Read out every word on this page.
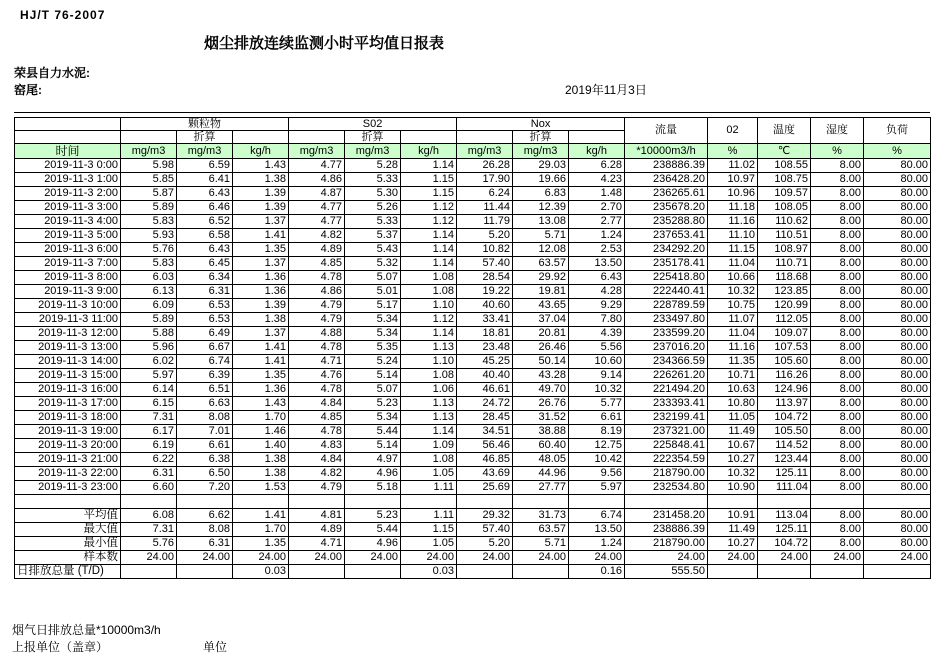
HJ/T 76-2007
烟尘排放连续监测小时平均值日报表
荣县自力水泥:
窑尾:	2019年11月3日
	颗粒物			S02			Nox			流量	02	温度	湿度	负荷
		折算			折算			折算						
时间	mg/m3	mg/m3	kg/h	mg/m3	mg/m3	kg/h	mg/m3	mg/m3	kg/h	*10000m3/h	%	℃	%	%
2019-11-3 0:00	5.98	6.59	1.43	4.77	5.28	1.14	26.28	29.03	6.28	238886.39	11.02	108.55	8.00	80.00
2019-11-3 1:00	5.85	6.41	1.38	4.86	5.33	1.15	17.90	19.66	4.23	236428.20	10.97	108.75	8.00	80.00
2019-11-3 2:00	5.87	6.43	1.39	4.87	5.30	1.15	6.24	6.83	1.48	236265.61	10.96	109.57	8.00	80.00
2019-11-3 3:00	5.89	6.46	1.39	4.77	5.26	1.12	11.44	12.39	2.70	235678.20	11.18	108.05	8.00	80.00
2019-11-3 4:00	5.83	6.52	1.37	4.77	5.33	1.12	11.79	13.08	2.77	235288.80	11.16	110.62	8.00	80.00
2019-11-3 5:00	5.93	6.58	1.41	4.82	5.37	1.14	5.20	5.71	1.24	237653.41	11.10	110.51	8.00	80.00
2019-11-3 6:00	5.76	6.43	1.35	4.89	5.43	1.14	10.82	12.08	2.53	234292.20	11.15	108.97	8.00	80.00
2019-11-3 7:00	5.83	6.45	1.37	4.85	5.32	1.14	57.40	63.57	13.50	235178.41	11.04	110.71	8.00	80.00
2019-11-3 8:00	6.03	6.34	1.36	4.78	5.07	1.08	28.54	29.92	6.43	225418.80	10.66	118.68	8.00	80.00
2019-11-3 9:00	6.13	6.31	1.36	4.86	5.01	1.08	19.22	19.81	4.28	222440.41	10.32	123.85	8.00	80.00
2019-11-3 10:00	6.09	6.53	1.39	4.79	5.17	1.10	40.60	43.65	9.29	228789.59	10.75	120.99	8.00	80.00
2019-11-3 11:00	5.89	6.53	1.38	4.79	5.34	1.12	33.41	37.04	7.80	233497.80	11.07	112.05	8.00	80.00
2019-11-3 12:00	5.88	6.49	1.37	4.88	5.34	1.14	18.81	20.81	4.39	233599.20	11.04	109.07	8.00	80.00
2019-11-3 13:00	5.96	6.67	1.41	4.78	5.35	1.13	23.48	26.46	5.56	237016.20	11.16	107.53	8.00	80.00
2019-11-3 14:00	6.02	6.74	1.41	4.71	5.24	1.10	45.25	50.14	10.60	234366.59	11.35	105.60	8.00	80.00
2019-11-3 15:00	5.97	6.39	1.35	4.76	5.14	1.08	40.40	43.28	9.14	226261.20	10.71	116.26	8.00	80.00
2019-11-3 16:00	6.14	6.51	1.36	4.78	5.07	1.06	46.61	49.70	10.32	221494.20	10.63	124.96	8.00	80.00
2019-11-3 17:00	6.15	6.63	1.43	4.84	5.23	1.13	24.72	26.76	5.77	233393.41	10.80	113.97	8.00	80.00
2019-11-3 18:00	7.31	8.08	1.70	4.85	5.34	1.13	28.45	31.52	6.61	232199.41	11.05	104.72	8.00	80.00
2019-11-3 19:00	6.17	7.01	1.46	4.78	5.44	1.14	34.51	38.88	8.19	237321.00	11.49	105.50	8.00	80.00
2019-11-3 20:00	6.19	6.61	1.40	4.83	5.14	1.09	56.46	60.40	12.75	225848.41	10.67	114.52	8.00	80.00
2019-11-3 21:00	6.22	6.38	1.38	4.84	4.97	1.08	46.85	48.05	10.42	222354.59	10.27	123.44	8.00	80.00
2019-11-3 22:00	6.31	6.50	1.38	4.82	4.96	1.05	43.69	44.96	9.56	218790.00	10.32	125.11	8.00	80.00
2019-11-3 23:00	6.60	7.20	1.53	4.79	5.18	1.11	25.69	27.77	5.97	232534.80	10.90	111.04	8.00	80.00

平均值	6.08	6.62	1.41	4.81	5.23	1.11	29.32	31.73	6.74	231458.20	10.91	113.04	8.00	80.00
最大值	7.31	8.08	1.70	4.89	5.44	1.15	57.40	63.57	13.50	238886.39	11.49	125.11	8.00	80.00
最小值	5.76	6.31	1.35	4.71	4.96	1.05	5.20	5.71	1.24	218790.00	10.27	104.72	8.00	80.00
样本数	24.00	24.00	24.00	24.00	24.00	24.00	24.00	24.00	24.00	24.00	24.00	24.00	24.00	24.00
日排放总量 (T/D)			0.03			0.03			0.16	555.50				
烟气日排放总量*10000m3/h
上报单位（盖章）	单位
